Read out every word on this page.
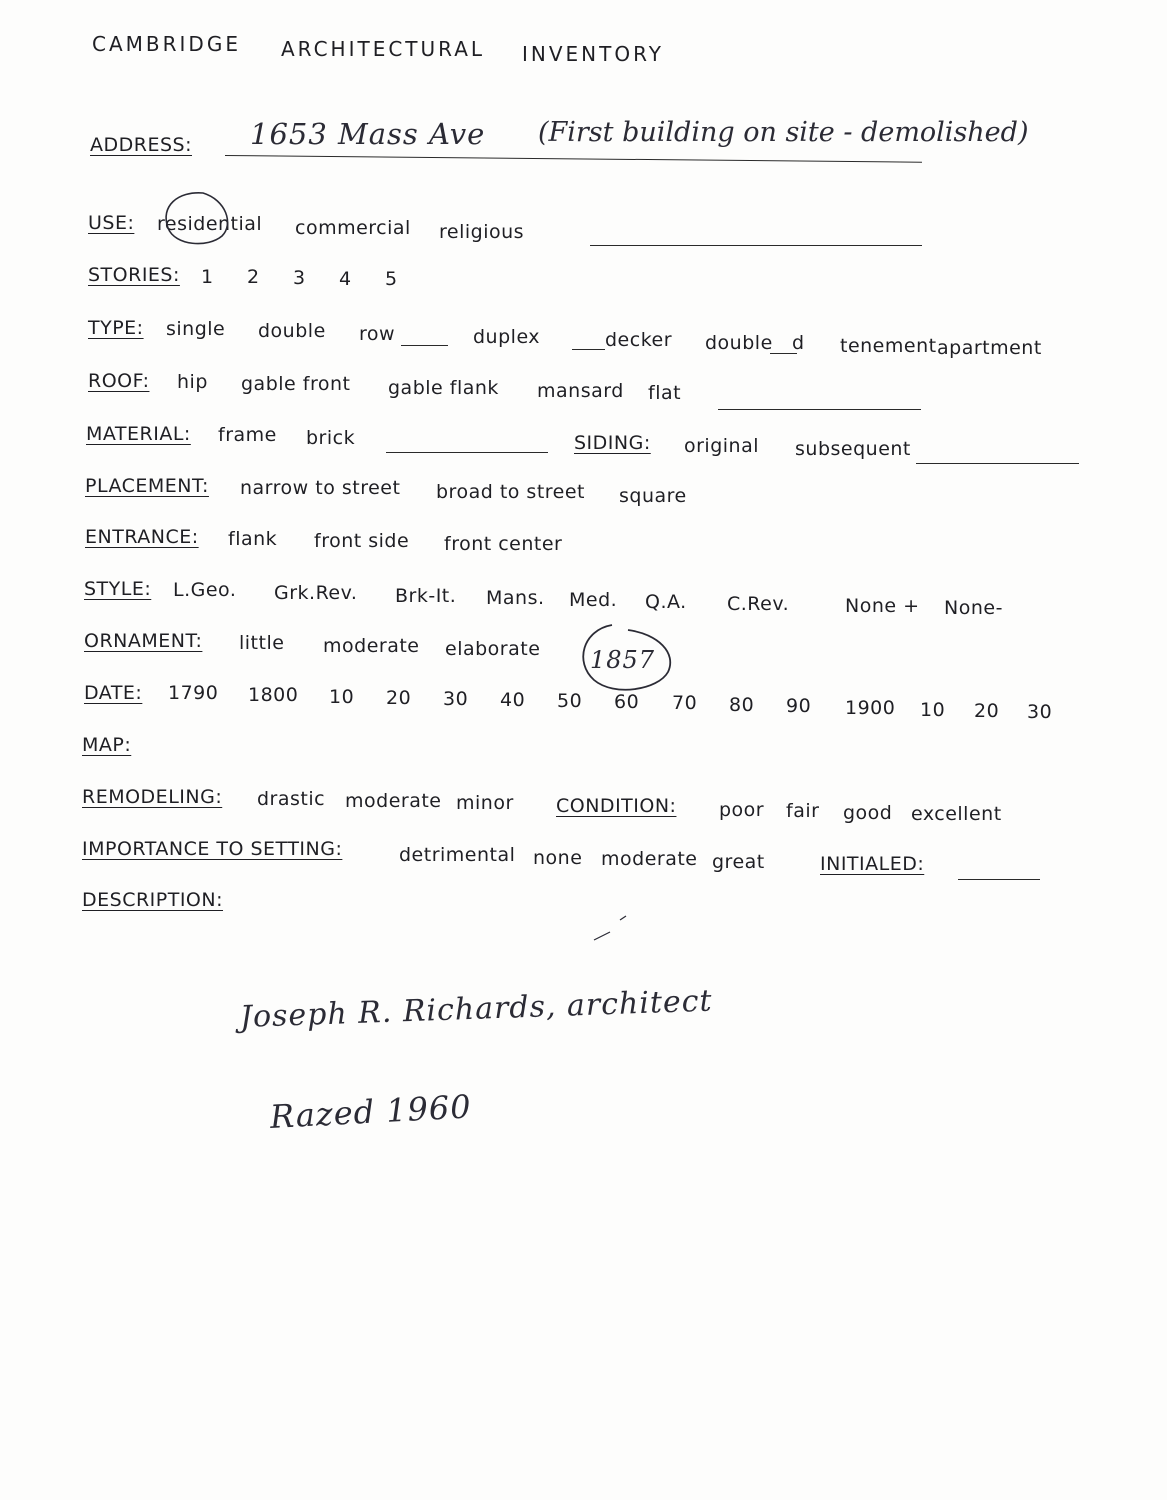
CAMBRIDGE ARCHITECTURAL INVENTORY
ADDRESS: 1653 Mass Ave (First building on site - demolished)
USE: residential commercial religious
STORIES: 1 2 3 4 5
TYPE: single double row	duplex	decker double d tenement apartment
ROOF: hip gable front gable flank mansard flat
MATERIAL: frame brick	SIDING: original subsequent
PLACEMENT: narrow to street broad to street square
ENTRANCE: flank front side front center
STYLE: L.Geo. Grk.Rev. Brk-It. Mans. Med. Q.A. C.Rev.	None + None-
ORNAMENT: little moderate elaborate
DATE: 1790 1800 10 20 30 40 50 60 70 80 90 1900 10 20 30
1857
MAP:
REMODELING: drastic moderate minor CONDITION: poor fair good excellent
IMPORTANCE TO SETTING:	detrimental none moderate great	INITIALED:
DESCRIPTION:
Joseph R. Richards, architect
Razed 1960
